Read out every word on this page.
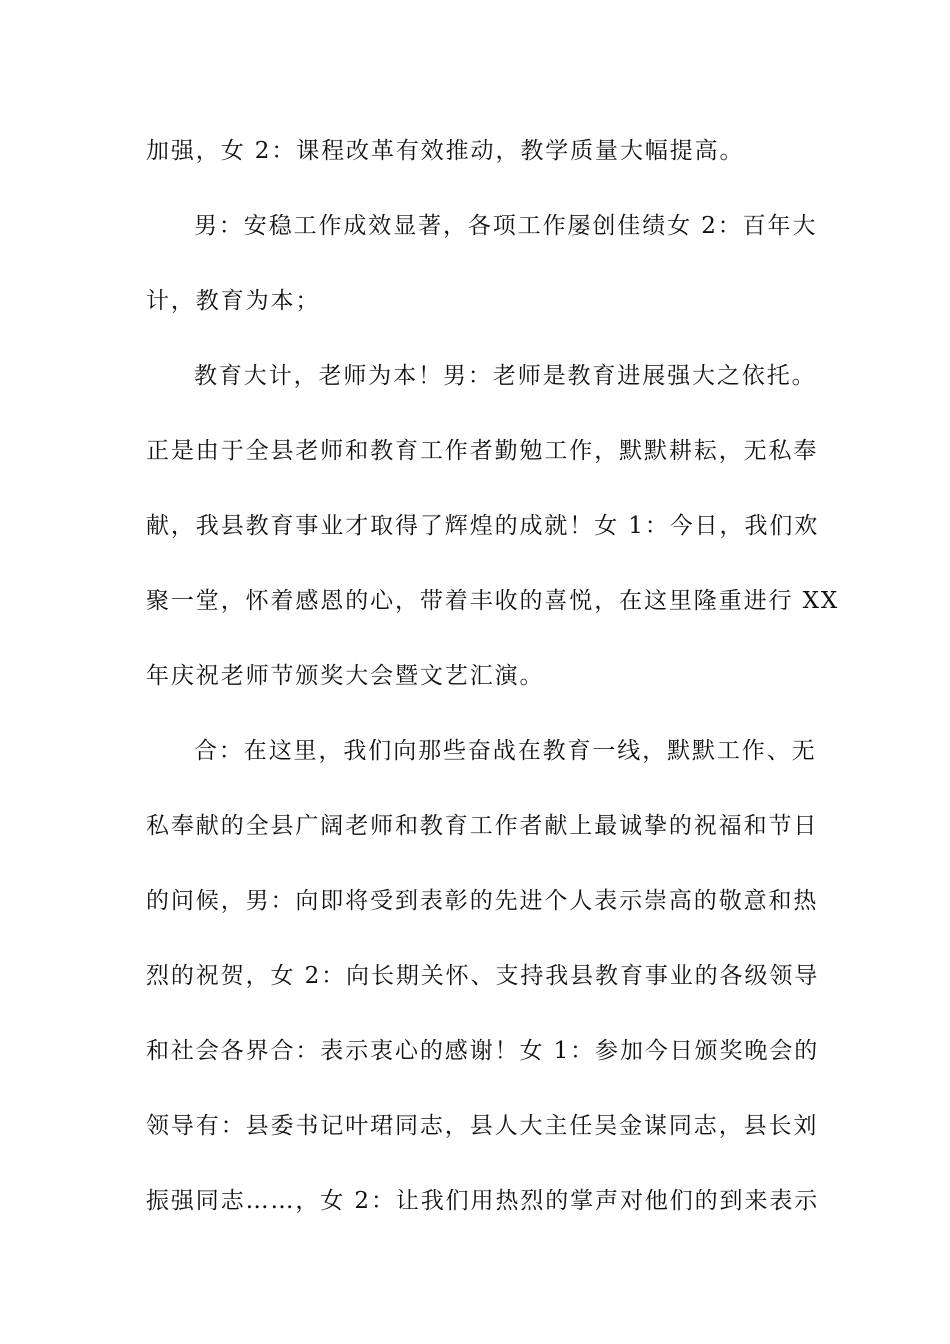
加强，女 2：课程改革有效推动，教学质量大幅提高。
男：安稳工作成效显著，各项工作屡创佳绩女 2：百年大
计，教育为本；
教育大计，老师为本！男：老师是教育进展强大之依托。
正是由于全县老师和教育工作者勤勉工作，默默耕耘，无私奉
献，我县教育事业才取得了辉煌的成就！女 1：今日，我们欢
聚一堂，怀着感恩的心，带着丰收的喜悦，在这里隆重进行 XX
年庆祝老师节颁奖大会暨文艺汇演。
合：在这里，我们向那些奋战在教育一线，默默工作、无
私奉献的全县广阔老师和教育工作者献上最诚挚的祝福和节日
的问候，男：向即将受到表彰的先进个人表示崇高的敬意和热
烈的祝贺，女 2：向长期关怀、支持我县教育事业的各级领导
和社会各界合：表示衷心的感谢！女 1：参加今日颁奖晚会的
领导有：县委书记叶珺同志，县人大主任吴金谋同志，县长刘
振强同志……，女 2：让我们用热烈的掌声对他们的到来表示
